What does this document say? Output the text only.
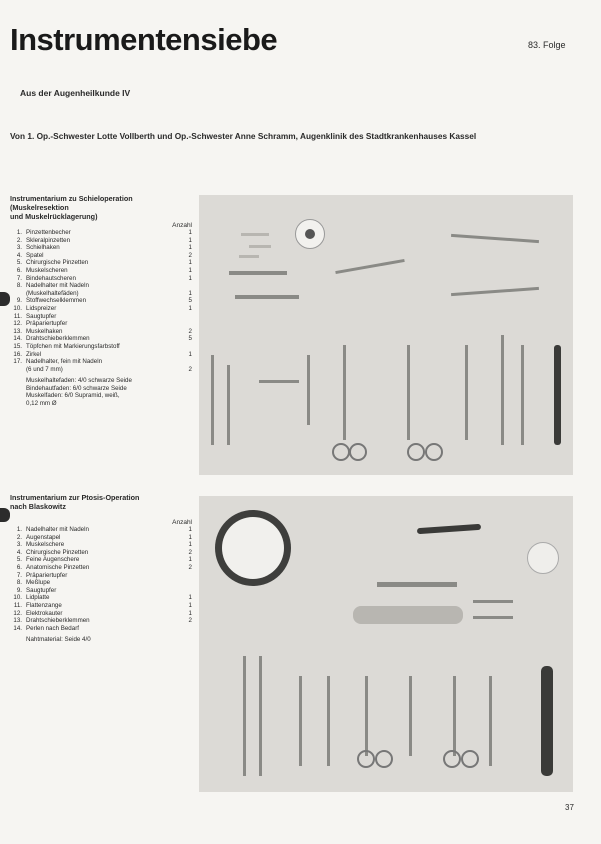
Instrumentensiebe	83. Folge
Aus der Augenheilkunde IV
Von 1. Op.-Schwester Lotte Vollberth und Op.-Schwester Anne Schramm, Augenklinik des Stadtkrankenhauses Kassel
Instrumentarium zu Schieloperation
(Muskelresektion
und Muskelrücklagerung)
Anzahl
1. Pinzettenbecher	1
2. Skleralpinzetten	1
3. Schielhaken	1
4. Spatel	2
5. Chirurgische Pinzetten	1
6. Muskelscheren	1
7. Bindehautscheren	1
8. Nadelhalter mit Nadeln
(Muskelhaltefäden)	1
9. Stoffwechselklemmen	5
10. Lidspreizer	1
11. Saugtupfer
12. Präpariertupfer
13. Muskelhaken	2
14. Drahtschieberklemmen	5
15. Töpfchen mit Markierungsfarbstoff
16. Zirkel	1
17. Nadelhalter, fein mit Nadeln
(6 und 7 mm)	2
Muskelhaltefaden: 4/0 schwarze Seide
Bindehautfaden: 6/0 schwarze Seide
Muskelfaden: 6/0 Supramid, weiß,
0,12 mm Ø
Instrumentarium zur Ptosis-Operation
nach Blaskowitz
Anzahl
1. Nadelhalter mit Nadeln	1
2. Augenstapel	1
3. Muskelschere	1
4. Chirurgische Pinzetten	2
5. Feine Augenschere	1
6. Anatomische Pinzetten	2
7. Präpariertupfer
8. Meßlupe
9. Saugtupfer
10. Lidplatte	1
11. Flattenzange	1
12. Elektrokauter	1
13. Drahtschieberklemmen	2
14. Perlen nach Bedarf
Nahtmaterial: Seide 4/0
37
